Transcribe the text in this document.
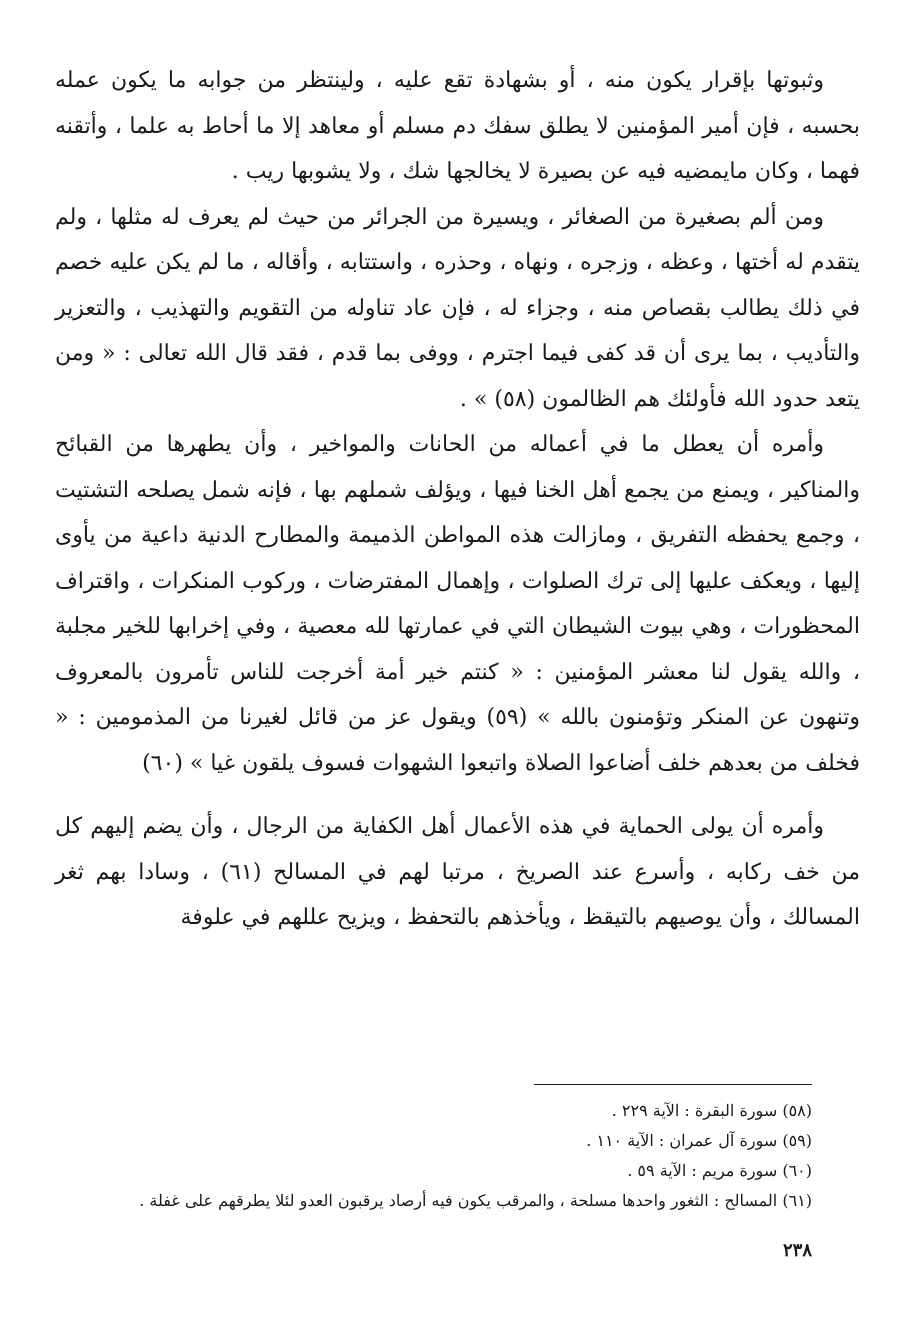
وثبوتها بإقرار يكون منه ، أو بشهادة تقع عليه ، ولينتظر من جوابه ما يكون عمله بحسبه ، فإن أمير المؤمنين لا يطلق سفك دم مسلم أو معاهد إلا ما أحاط به علما ، وأتقنه فهما ، وكان مايمضيه فيه عن بصيرة لا يخالجها شك ، ولا يشوبها ريب .

ومن ألم بصغيرة من الصغائر ، ويسيرة من الجرائر من حيث لم يعرف له مثلها ، ولم يتقدم له أختها ، وعظه ، وزجره ، ونهاه ، وحذره ، واستتابه ، وأقاله ، ما لم يكن عليه خصم في ذلك يطالب بقصاص منه ، وجزاء له ، فإن عاد تناوله من التقويم والتهذيب ، والتعزير والتأديب ، بما يرى أن قد كفى فيما اجترم ، ووفى بما قدم ، فقد قال الله تعالى : « ومن يتعد حدود الله فأولئك هم الظالمون (٥٨) » .

وأمره أن يعطل ما في أعماله من الحانات والمواخير ، وأن يطهرها من القبائح والمناكير ، ويمنع من يجمع أهل الخنا فيها ، ويؤلف شملهم بها ، فإنه شمل يصلحه التشتيت ، وجمع يحفظه التفريق ، ومازالت هذه المواطن الذميمة والمطارح الدنية داعية من يأوى إليها ، ويعكف عليها إلى ترك الصلوات ، وإهمال المفترضات ، وركوب المنكرات ، واقتراف المحظورات ، وهي بيوت الشيطان التي في عمارتها لله معصية ، وفي إخرابها للخير مجلبة ، والله يقول لنا معشر المؤمنين : « كنتم خير أمة أخرجت للناس تأمرون بالمعروف وتنهون عن المنكر وتؤمنون بالله » (٥٩) ويقول عز من قائل لغيرنا من المذمومين : « فخلف من بعدهم خلف أضاعوا الصلاة واتبعوا الشهوات فسوف يلقون غيا » (٦٠)

وأمره أن يولى الحماية في هذه الأعمال أهل الكفاية من الرجال ، وأن يضم إليهم كل من خف ركابه ، وأسرع عند الصريخ ، مرتبا لهم في المسالح (٦١) ، وسادا بهم ثغر المسالك ، وأن يوصيهم بالتيقظ ، ويأخذهم بالتحفظ ، ويزيح عللهم في علوفة

(٥٨) سورة البقرة : الآية ٢٢٩ .

(٥٩) سورة آل عمران : الآية ١١٠ .

(٦٠) سورة مريم : الآية ٥٩ .

(٦١) المسالح : الثغور واحدها مسلحة ، والمرقب يكون فيه أرصاد يرقبون العدو لئلا يطرقهم على غفلة .

٢٣٨
